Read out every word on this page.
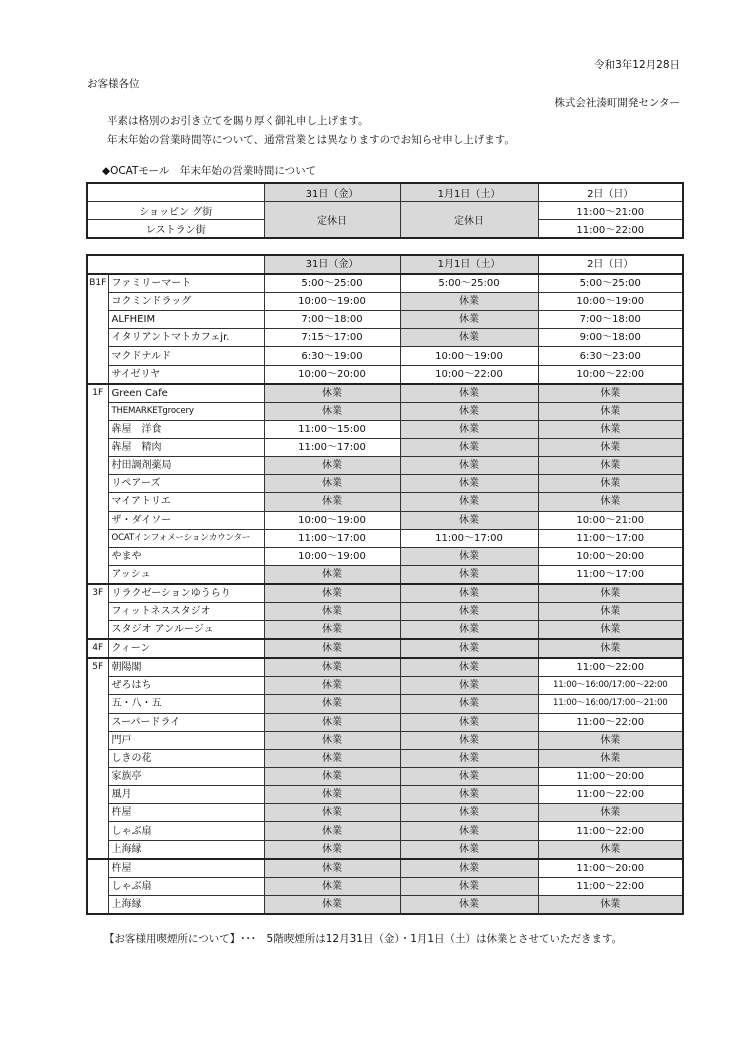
令和3年12月28日
お客様各位
株式会社湊町開発センター
平素は格別のお引き立てを賜り厚く御礼申し上げます。
年末年始の営業時間等について、通常営業とは異なりますのでお知らせ申し上げます。
◆OCATモール　年末年始の営業時間について
	31日（金）	1月1日（土）	2日（日）
ショッピン グ街	定休日	定休日	11:00～21:00
レストラン街			11:00～22:00
		31日（金）	1月1日（土）	2日（日）
B1F	ファミリーマート	5:00～25:00	5:00～25:00	5:00～25:00
	コクミンドラッグ	10:00～19:00	休業	10:00～19:00
	ALFHEIM	7:00～18:00	休業	7:00～18:00
	イタリアントマトカフェjr.	7:15～17:00	休業	9:00～18:00
	マクドナルド	6:30～19:00	10:00～19:00	6:30～23:00
	サイゼリヤ	10:00～20:00	10:00～22:00	10:00～22:00
1F	Green Cafe	休業	休業	休業
	THEMARKETgrocery	休業	休業	休業
	犇屋　洋食	11:00～15:00	休業	休業
	犇屋　精肉	11:00～17:00	休業	休業
	村田調剤薬局	休業	休業	休業
	リペアーズ	休業	休業	休業
	マイアトリエ	休業	休業	休業
	ザ・ダイソー	10:00～19:00	休業	10:00～21:00
	OCATインフォメーションカウンター	11:00～17:00	11:00～17:00	11:00～17:00
	やまや	10:00～19:00	休業	10:00～20:00
	アッシュ	休業	休業	11:00～17:00
3F	リラクゼーションゆうらり	休業	休業	休業
	フィットネススタジオ	休業	休業	休業
	スタジオ アンルージュ	休業	休業	休業
4F	クィーン	休業	休業	休業
5F	朝陽閣	休業	休業	11:00～22:00
	ぜろはち	休業	休業	11:00～16:00/17:00～22:00
	五・八・五	休業	休業	11:00～16:00/17:00～21:00
	スーパードライ	休業	休業	11:00～22:00
	門戸	休業	休業	休業
	しきの花	休業	休業	休業
	家族亭	休業	休業	11:00～20:00
	風月	休業	休業	11:00～22:00
	杵屋	休業	休業	休業
	しゃぶ扇	休業	休業	11:00～22:00
	上海縁	休業	休業	休業
	杵屋	休業	休業	11:00～20:00
	しゃぶ扇	休業	休業	11:00～22:00
	上海縁	休業	休業	休業
【お客様用喫煙所について】･･･　5階喫煙所は12月31日（金）・1月1日（土）は休業とさせていただきます。
